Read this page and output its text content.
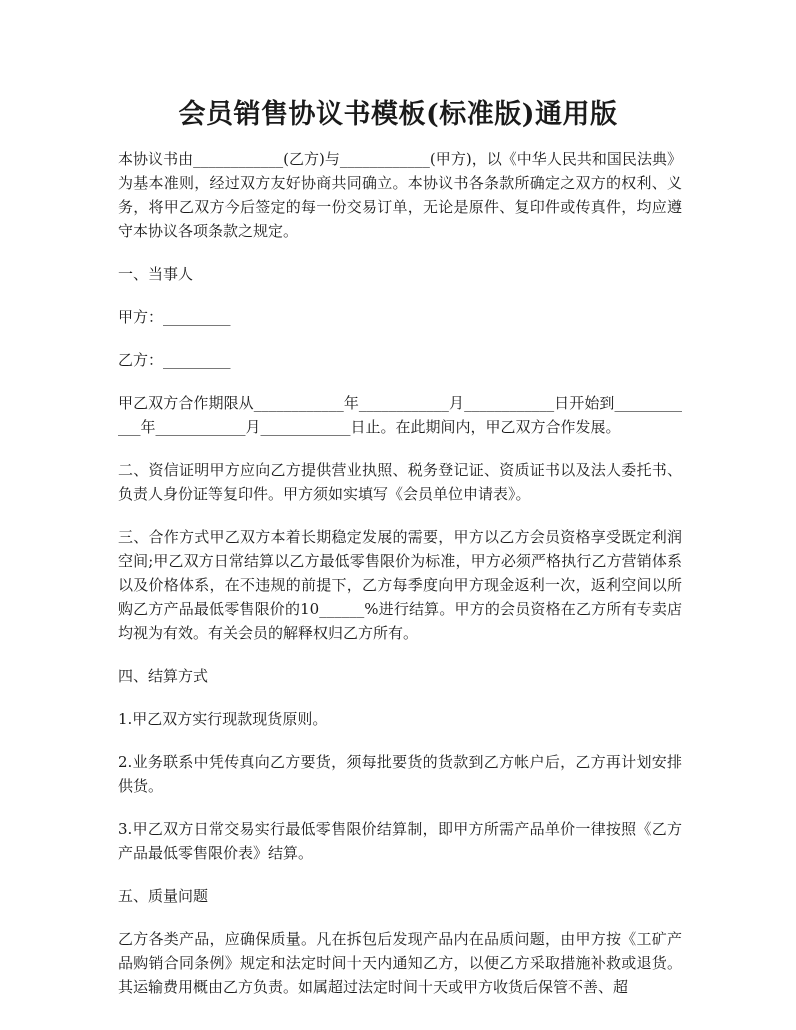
会员销售协议书模板(标准版)通用版

本协议书由____________(乙方)与____________(甲方)，以《中华人民共和国民法典》为基本准则，经过双方友好协商共同确立。本协议书各条款所确定之双方的权利、义务，将甲乙双方今后签定的每一份交易订单，无论是原件、复印件或传真件，均应遵守本协议各项条款之规定。

一、当事人

甲方：_________

乙方：_________

甲乙双方合作期限从____________年____________月____________日开始到____________年____________月____________日止。在此期间内，甲乙双方合作发展。

二、资信证明甲方应向乙方提供营业执照、税务登记证、资质证书以及法人委托书、负责人身份证等复印件。甲方须如实填写《会员单位申请表》。

三、合作方式甲乙双方本着长期稳定发展的需要，甲方以乙方会员资格享受既定利润空间;甲乙双方日常结算以乙方最低零售限价为标准，甲方必须严格执行乙方营销体系以及价格体系，在不违规的前提下，乙方每季度向甲方现金返利一次，返利空间以所购乙方产品最低零售限价的10______%进行结算。甲方的会员资格在乙方所有专卖店均视为有效。有关会员的解释权归乙方所有。

四、结算方式

1.甲乙双方实行现款现货原则。

2.业务联系中凭传真向乙方要货，须每批要货的货款到乙方帐户后，乙方再计划安排供货。

3.甲乙双方日常交易实行最低零售限价结算制，即甲方所需产品单价一律按照《乙方产品最低零售限价表》结算。

五、质量问题

乙方各类产品，应确保质量。凡在拆包后发现产品内在品质问题，由甲方按《工矿产品购销合同条例》规定和法定时间十天内通知乙方，以便乙方采取措施补救或退货。其运输费用概由乙方负责。如属超过法定时间十天或甲方收货后保管不善、超
